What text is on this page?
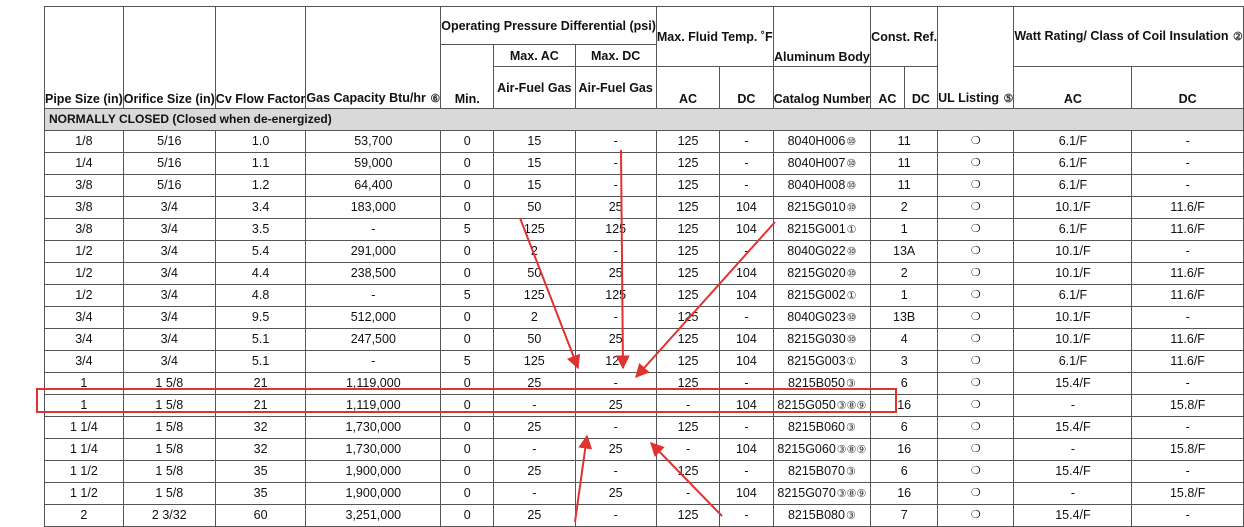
Pipe Size (in)	Orifice Size (in)	Cv Flow Factor	Gas Capacity Btu/hr ⑥	Operating Pressure Differential (psi)			Max. Fluid Temp. ˚F		Aluminum Body	Const. Ref.		UL Listing ⑤	Watt Rating/ Class of Coil Insulation ②	
				Min.	Max. AC	Max. DC								
					Air-Fuel Gas	Air-Fuel Gas	AC	DC	Catalog Number	AC	DC		AC	DC
NORMALLY CLOSED (Closed when de-energized)														
1/8	5/16	1.0	53,700	0	15	-	125	-	8040H006⑩	11		❍	6.1/F	-
1/4	5/16	1.1	59,000	0	15	-	125	-	8040H007⑩	11		❍	6.1/F	-
3/8	5/16	1.2	64,400	0	15	-	125	-	8040H008⑩	11		❍	6.1/F	-
3/8	3/4	3.4	183,000	0	50	25	125	104	8215G010⑩	2		❍	10.1/F	11.6/F
3/8	3/4	3.5	-	5	125	125	125	104	8215G001①	1		❍	6.1/F	11.6/F
1/2	3/4	5.4	291,000	0	2	-	125	-	8040G022⑩	13A		❍	10.1/F	-
1/2	3/4	4.4	238,500	0	50	25	125	104	8215G020⑩	2		❍	10.1/F	11.6/F
1/2	3/4	4.8	-	5	125	125	125	104	8215G002①	1		❍	6.1/F	11.6/F
3/4	3/4	9.5	512,000	0	2	-	125	-	8040G023⑩	13B		❍	10.1/F	-
3/4	3/4	5.1	247,500	0	50	25	125	104	8215G030⑩	4		❍	10.1/F	11.6/F
3/4	3/4	5.1	-	5	125	125	125	104	8215G003①	3		❍	6.1/F	11.6/F
1	1 5/8	21	1,119,000	0	25	-	125	-	8215B050③	6		❍	15.4/F	-
1	1 5/8	21	1,119,000	0	-	25	-	104	8215G050③⑧⑨	16		❍	-	15.8/F
1 1/4	1 5/8	32	1,730,000	0	25	-	125	-	8215B060③	6		❍	15.4/F	-
1 1/4	1 5/8	32	1,730,000	0	-	25	-	104	8215G060③⑧⑨	16		❍	-	15.8/F
1 1/2	1 5/8	35	1,900,000	0	25	-	125	-	8215B070③	6		❍	15.4/F	-
1 1/2	1 5/8	35	1,900,000	0	-	25	-	104	8215G070③⑧⑨	16		❍	-	15.8/F
2	2 3/32	60	3,251,000	0	25	-	125	-	8215B080③	7		❍	15.4/F	-
